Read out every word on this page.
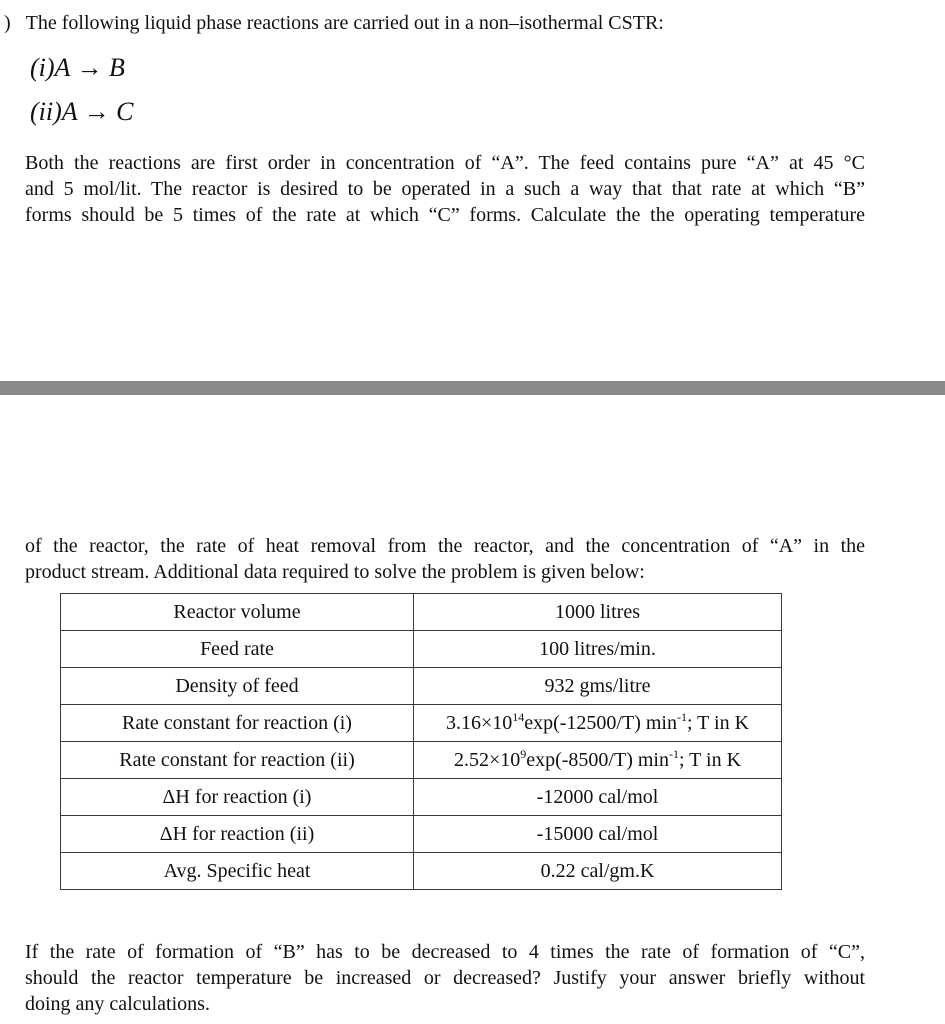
) The following liquid phase reactions are carried out in a non–isothermal CSTR:
(i)A → B
(ii)A → C
Both the reactions are first order in concentration of “A”. The feed contains pure “A” at 45 °C
and 5 mol/lit. The reactor is desired to be operated in a such a way that that rate at which “B”
forms should be 5 times of the rate at which “C” forms. Calculate the the operating temperature
of the reactor, the rate of heat removal from the reactor, and the concentration of “A” in the
product stream. Additional data required to solve the problem is given below:
Reactor volume	1000 litres
Feed rate	100 litres/min.
Density of feed	932 gms/litre
Rate constant for reaction (i)	$3.16\times 10^{14}\exp(-12500/T)$ $\min^{-1}$; T in K
Rate constant for reaction (ii)	$2.52\times 10^9\exp(-8500/T)$ $\min^{-1}$; T in K
ΔH for reaction (i)	-12000 cal/mol
ΔH for reaction (ii)	-15000 cal/mol
Avg. Specific heat	0.22 cal/gm.K
If the rate of formation of “B” has to be decreased to 4 times the rate of formation of “C”,
should the reactor temperature be increased or decreased? Justify your answer briefly without
doing any calculations.
